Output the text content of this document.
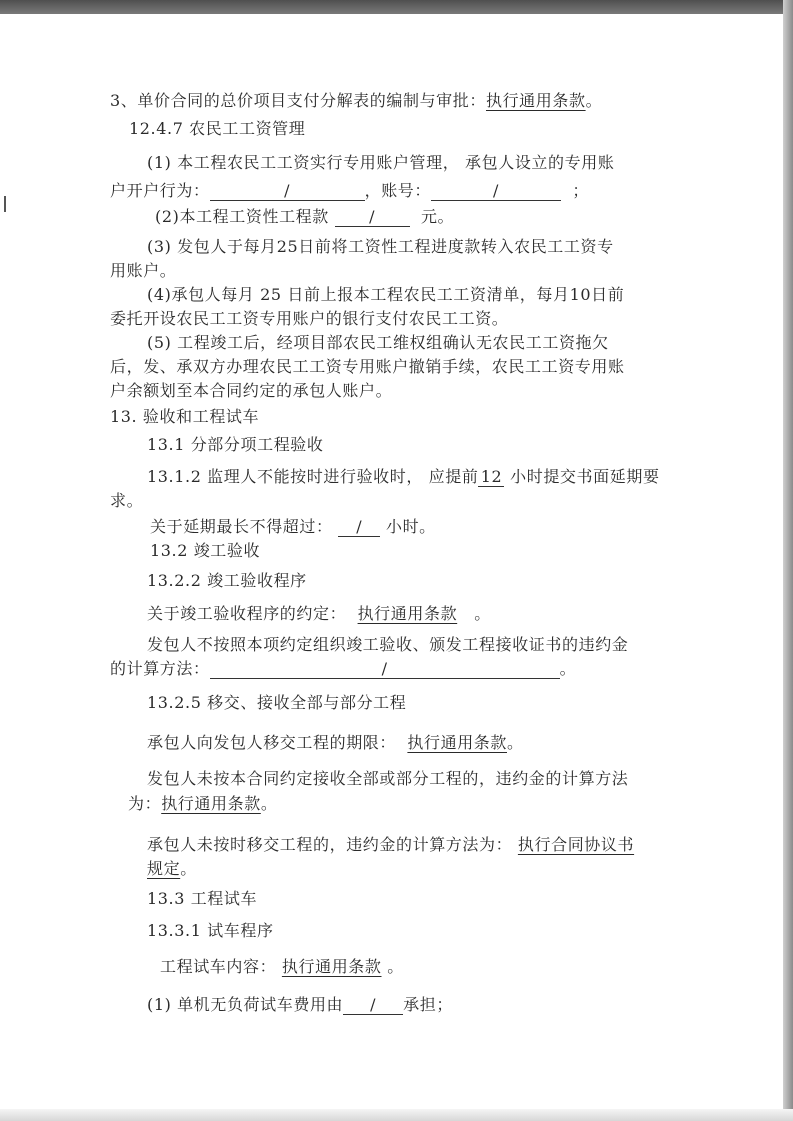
3、单价合同的总价项目支付分解表的编制与审批：执行通用条款。
12.4.7 农民工工资管理
(1) 本工程农民工工资实行专用账户管理， 承包人设立的专用账
户开户行为：	/	，账号：	/	；
(2)本工程工资性工程款	/	元。
(3) 发包人于每月25日前将工资性工程进度款转入农民工工资专
用账户。
(4)承包人每月 25 日前上报本工程农民工工资清单，每月10日前
委托开设农民工工资专用账户的银行支付农民工工资。
(5) 工程竣工后，经项目部农民工维权组确认无农民工工资拖欠
后，发、承双方办理农民工工资专用账户撤销手续，农民工工资专用账
户余额划至本合同约定的承包人账户。
13. 验收和工程试车
13.1 分部分项工程验收
13.1.2 监理人不能按时进行验收时， 应提前 12 小时提交书面延期要
求。
关于延期最长不得超过： / 小时。
13.2 竣工验收
13.2.2 竣工验收程序
关于竣工验收程序的约定： 执行通用条款 。
发包人不按照本项约定组织竣工验收、颁发工程接收证书的违约金
的计算方法：	/	。
13.2.5 移交、接收全部与部分工程
承包人向发包人移交工程的期限： 执行通用条款。
发包人未按本合同约定接收全部或部分工程的，违约金的计算方法
为：执行通用条款。
承包人未按时移交工程的，违约金的计算方法为： 执行合同协议书
规定。
13.3 工程试车
13.3.1 试车程序
工程试车内容： 执行通用条款 。
(1) 单机无负荷试车费用由 / 承担；
